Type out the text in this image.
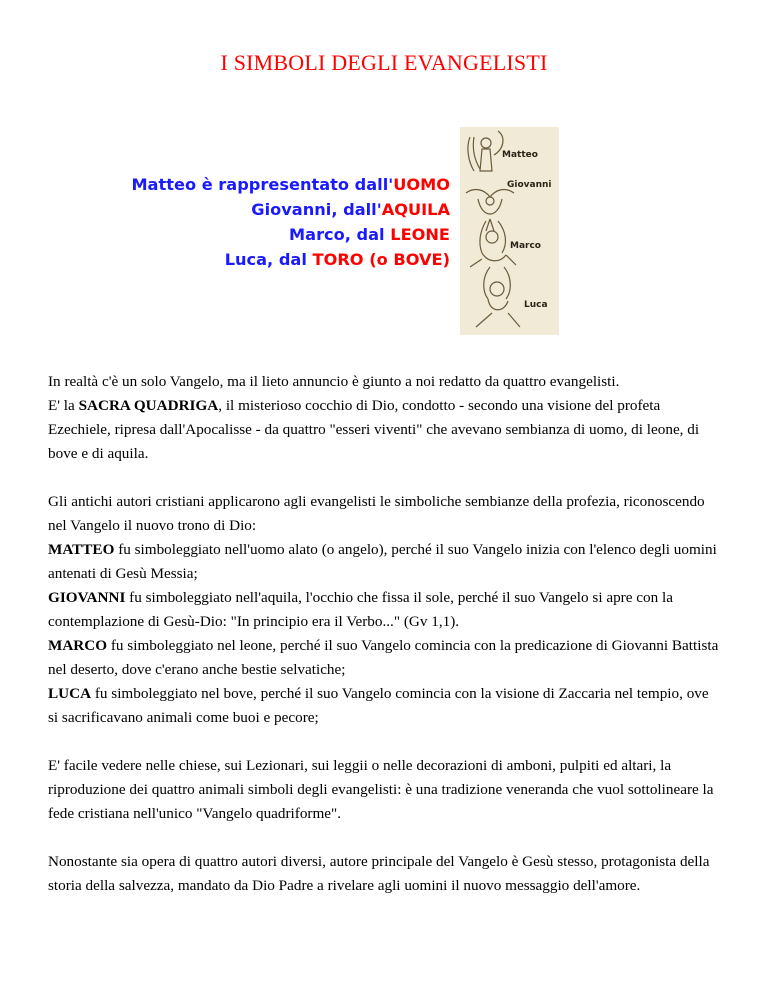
I SIMBOLI DEGLI EVANGELISTI
Matteo è rappresentato dall'UOMO
Giovanni, dall'AQUILA
Marco, dal LEONE
Luca, dal TORO (o BOVE)
Matteo
Giovanni
Marco
Luca

In realtà c'è un solo Vangelo, ma il lieto annuncio è giunto a noi redatto da quattro evangelisti.

E' la SACRA QUADRIGA, il misterioso cocchio di Dio, condotto - secondo una visione del profeta Ezechiele, ripresa dall'Apocalisse - da quattro "esseri viventi" che avevano sembianza di uomo, di leone, di bove e di aquila.

Gli antichi autori cristiani applicarono agli evangelisti le simboliche sembianze della profezia, riconoscendo nel Vangelo il nuovo trono di Dio:

MATTEO fu simboleggiato nell'uomo alato (o angelo), perché il suo Vangelo inizia con l'elenco degli uomini antenati di Gesù Messia;

GIOVANNI fu simboleggiato nell'aquila, l'occhio che fissa il sole, perché il suo Vangelo si apre con la contemplazione di Gesù-Dio: "In principio era il Verbo..." (Gv 1,1).

MARCO fu simboleggiato nel leone, perché il suo Vangelo comincia con la predicazione di Giovanni Battista nel deserto, dove c'erano anche bestie selvatiche;

LUCA fu simboleggiato nel bove, perché il suo Vangelo comincia con la visione di Zaccaria nel tempio, ove si sacrificavano animali come buoi e pecore;

E' facile vedere nelle chiese, sui Lezionari, sui leggii o nelle decorazioni di amboni, pulpiti ed altari, la riproduzione dei quattro animali simboli degli evangelisti: è una tradizione veneranda che vuol sottolineare la fede cristiana nell'unico "Vangelo quadriforme".

Nonostante sia opera di quattro autori diversi, autore principale del Vangelo è Gesù stesso, protagonista della storia della salvezza, mandato da Dio Padre a rivelare agli uomini il nuovo messaggio dell'amore.
